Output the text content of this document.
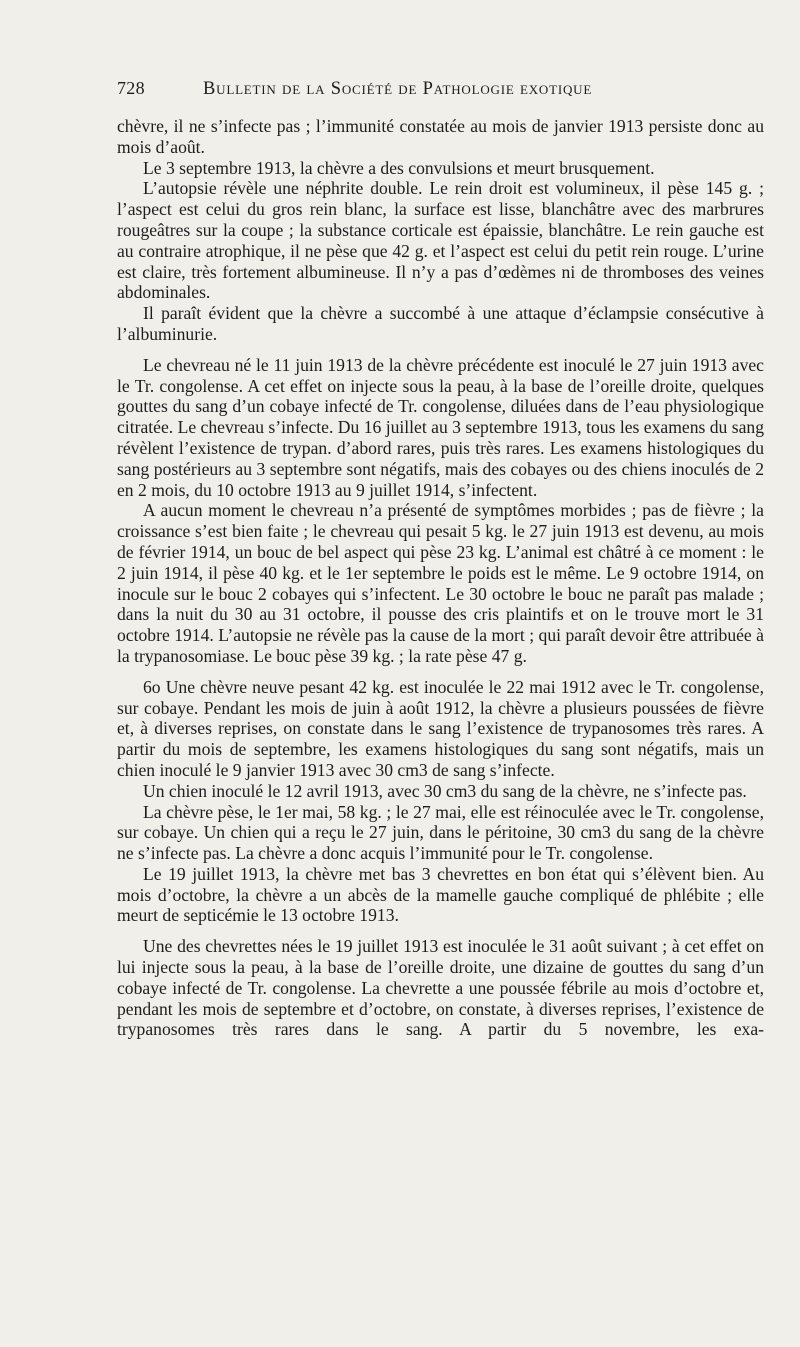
728	Bulletin de la Société de Pathologie exotique

chèvre, il ne s’infecte pas ; l’immunité constatée au mois de janvier 1913 persiste donc au mois d’août.

Le 3 septembre 1913, la chèvre a des convulsions et meurt brusquement.

L’autopsie révèle une néphrite double. Le rein droit est volumineux, il pèse 145 g. ; l’aspect est celui du gros rein blanc, la surface est lisse, blanchâtre avec des marbrures rougeâtres sur la coupe ; la substance corticale est épaissie, blanchâtre. Le rein gauche est au contraire atrophique, il ne pèse que 42 g. et l’aspect est celui du petit rein rouge. L’urine est claire, très fortement albumineuse. Il n’y a pas d’œdèmes ni de thromboses des veines abdominales.

Il paraît évident que la chèvre a succombé à une attaque d’éclampsie consécutive à l’albuminurie.

Le chevreau né le 11 juin 1913 de la chèvre précédente est inoculé le 27 juin 1913 avec le Tr. congolense. A cet effet on injecte sous la peau, à la base de l’oreille droite, quelques gouttes du sang d’un cobaye infecté de Tr. congolense, diluées dans de l’eau physiologique citratée. Le chevreau s’infecte. Du 16 juillet au 3 septembre 1913, tous les examens du sang révèlent l’existence de trypan. d’abord rares, puis très rares. Les examens histologiques du sang postérieurs au 3 septembre sont négatifs, mais des cobayes ou des chiens inoculés de 2 en 2 mois, du 10 octobre 1913 au 9 juillet 1914, s’infectent.

A aucun moment le chevreau n’a présenté de symptômes morbides ; pas de fièvre ; la croissance s’est bien faite ; le chevreau qui pesait 5 kg. le 27 juin 1913 est devenu, au mois de février 1914, un bouc de bel aspect qui pèse 23 kg. L’animal est châtré à ce moment : le 2 juin 1914, il pèse 40 kg. et le 1er septembre le poids est le même. Le 9 octobre 1914, on inocule sur le bouc 2 cobayes qui s’infectent. Le 30 octobre le bouc ne paraît pas malade ; dans la nuit du 30 au 31 octobre, il pousse des cris plaintifs et on le trouve mort le 31 octobre 1914. L’autopsie ne révèle pas la cause de la mort ; qui paraît devoir être attribuée à la trypanosomiase. Le bouc pèse 39 kg. ; la rate pèse 47 g.

6o Une chèvre neuve pesant 42 kg. est inoculée le 22 mai 1912 avec le Tr. congolense, sur cobaye. Pendant les mois de juin à août 1912, la chèvre a plusieurs poussées de fièvre et, à diverses reprises, on constate dans le sang l’existence de trypanosomes très rares. A partir du mois de septembre, les examens histologiques du sang sont négatifs, mais un chien inoculé le 9 janvier 1913 avec 30 cm3 de sang s’infecte.

Un chien inoculé le 12 avril 1913, avec 30 cm3 du sang de la chèvre, ne s’infecte pas.

La chèvre pèse, le 1er mai, 58 kg. ; le 27 mai, elle est réinoculée avec le Tr. congolense, sur cobaye. Un chien qui a reçu le 27 juin, dans le péritoine, 30 cm3 du sang de la chèvre ne s’infecte pas. La chèvre a donc acquis l’immunité pour le Tr. congolense.

Le 19 juillet 1913, la chèvre met bas 3 chevrettes en bon état qui s’élèvent bien. Au mois d’octobre, la chèvre a un abcès de la mamelle gauche compliqué de phlébite ; elle meurt de septicémie le 13 octobre 1913.

Une des chevrettes nées le 19 juillet 1913 est inoculée le 31 août suivant ; à cet effet on lui injecte sous la peau, à la base de l’oreille droite, une dizaine de gouttes du sang d’un cobaye infecté de Tr. congolense. La chevrette a une poussée fébrile au mois d’octobre et, pendant les mois de septembre et d’octobre, on constate, à diverses reprises, l’existence de trypanosomes très rares dans le sang. A partir du 5 novembre, les exa-
